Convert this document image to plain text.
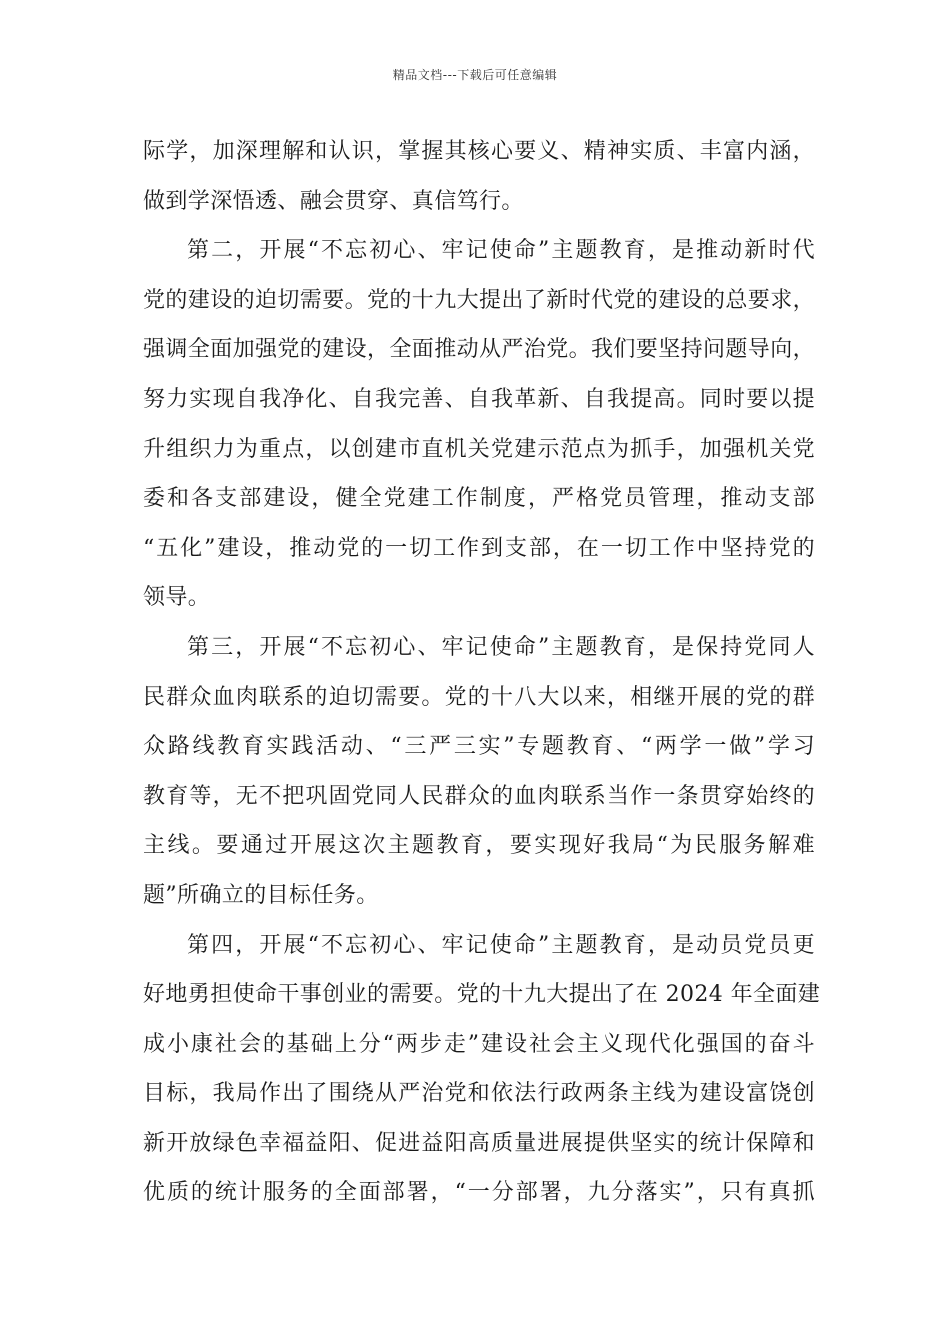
精品文档---下载后可任意编辑
际学，加深理解和认识，掌握其核心要义、精神实质、丰富内涵，
做到学深悟透、融会贯穿、真信笃行。
第二，开展“不忘初心、牢记使命”主题教育，是推动新时代
党的建设的迫切需要。党的十九大提出了新时代党的建设的总要求，
强调全面加强党的建设，全面推动从严治党。我们要坚持问题导向，
努力实现自我净化、自我完善、自我革新、自我提高。同时要以提
升组织力为重点，以创建市直机关党建示范点为抓手，加强机关党
委和各支部建设，健全党建工作制度，严格党员管理，推动支部
“五化”建设，推动党的一切工作到支部，在一切工作中坚持党的
领导。
第三，开展“不忘初心、牢记使命”主题教育，是保持党同人
民群众血肉联系的迫切需要。党的十八大以来，相继开展的党的群
众路线教育实践活动、“三严三实”专题教育、“两学一做”学习
教育等，无不把巩固党同人民群众的血肉联系当作一条贯穿始终的
主线。要通过开展这次主题教育，要实现好我局“为民服务解难
题”所确立的目标任务。
第四，开展“不忘初心、牢记使命”主题教育，是动员党员更
好地勇担使命干事创业的需要。党的十九大提出了在 2024 年全面建
成小康社会的基础上分“两步走”建设社会主义现代化强国的奋斗
目标，我局作出了围绕从严治党和依法行政两条主线为建设富饶创
新开放绿色幸福益阳、促进益阳高质量进展提供坚实的统计保障和
优质的统计服务的全面部署，“一分部署，九分落实”，只有真抓
